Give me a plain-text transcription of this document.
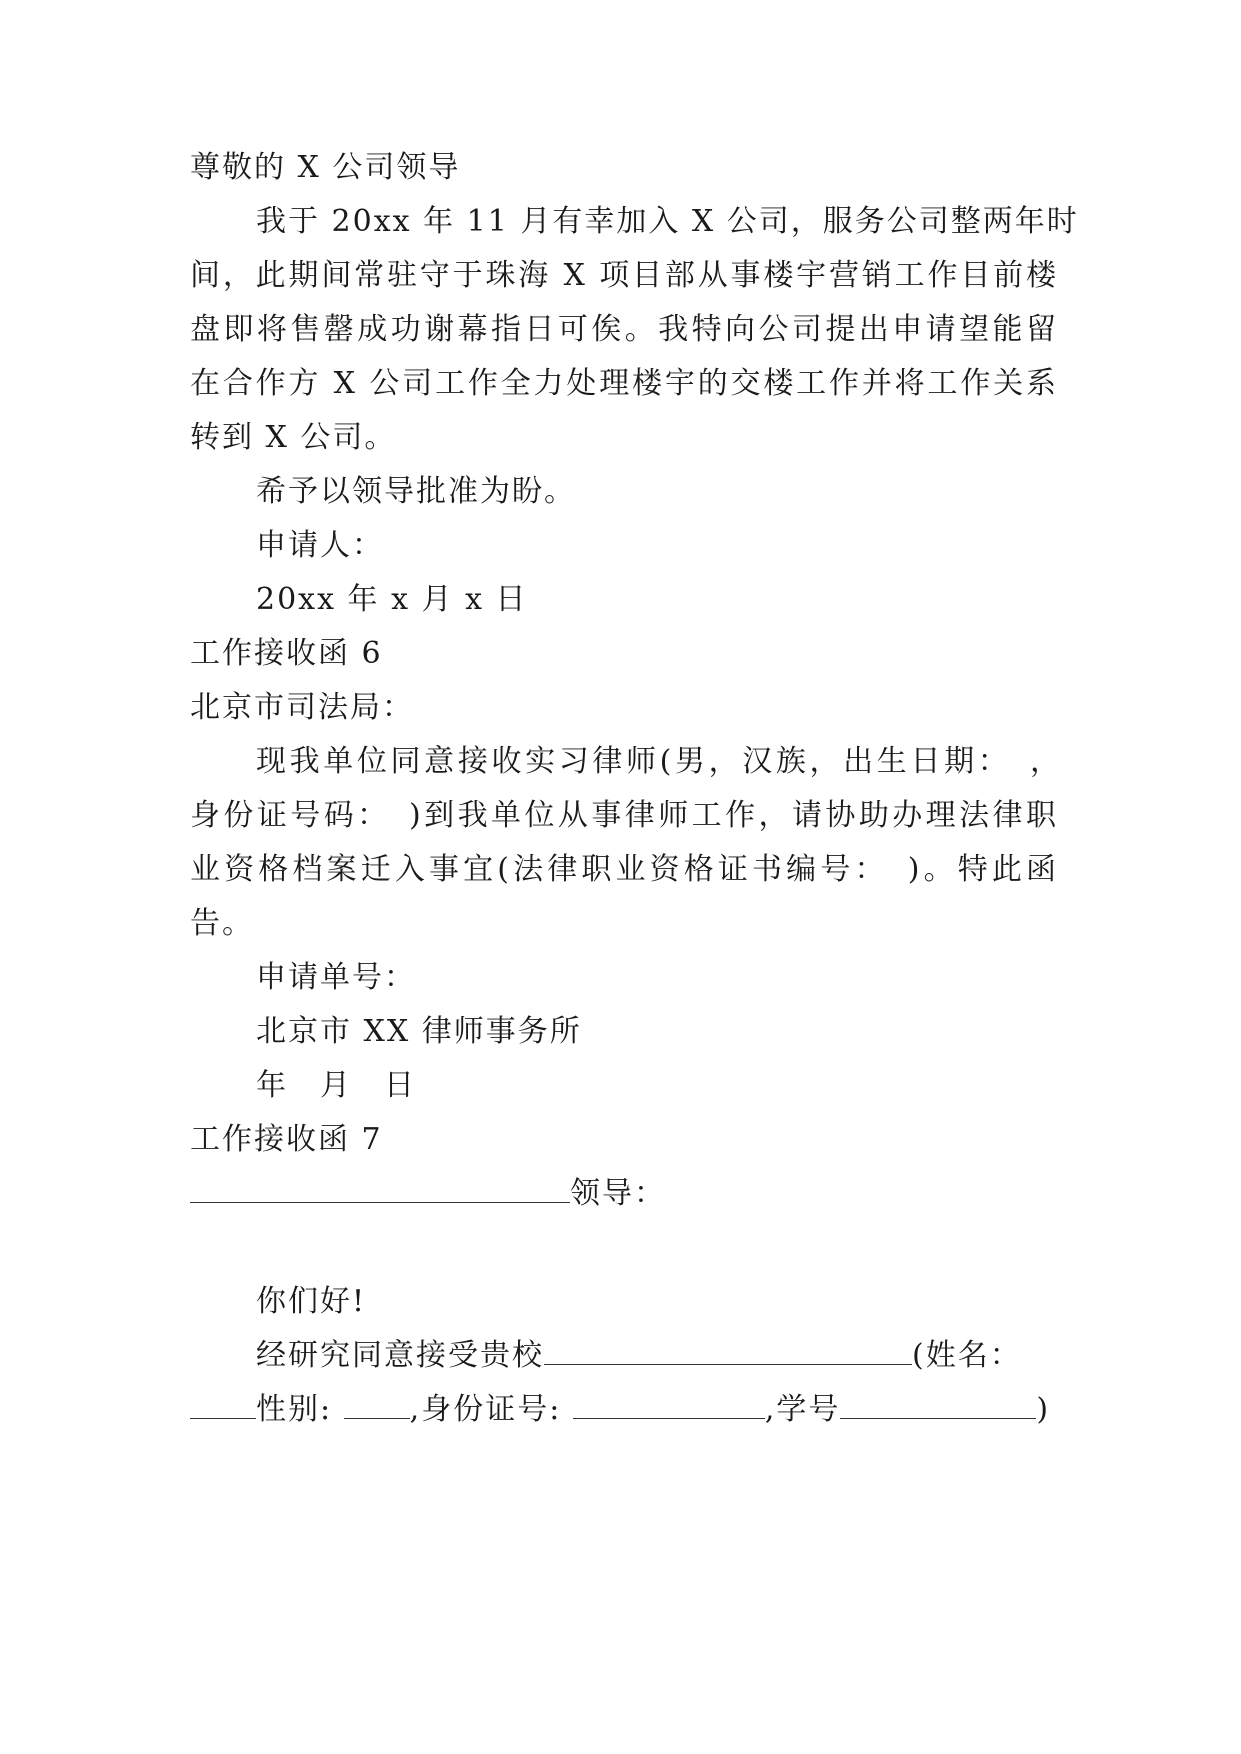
尊敬的 X 公司领导
我于 20xx 年 11 月有幸加入 X 公司，服务公司整两年时
间，此期间常驻守于珠海 X 项目部从事楼宇营销工作目前楼
盘即将售罄成功谢幕指日可俟。我特向公司提出申请望能留
在合作方 X 公司工作全力处理楼宇的交楼工作并将工作关系
转到 X 公司。
希予以领导批准为盼。
申请人：
20xx 年 x 月 x 日
工作接收函 6
北京市司法局：
现我单位同意接收实习律师(男，汉族，出生日期：　，
身份证号码：　)到我单位从事律师工作，请协助办理法律职
业资格档案迁入事宜(法律职业资格证书编号：　)。特此函
告。
申请单号：
北京市 XX 律师事务所
年　月　日
工作接收函 7
领导：
你们好!
经研究同意接受贵校	(姓名：
性别: ,身份证号:	,学号	)
